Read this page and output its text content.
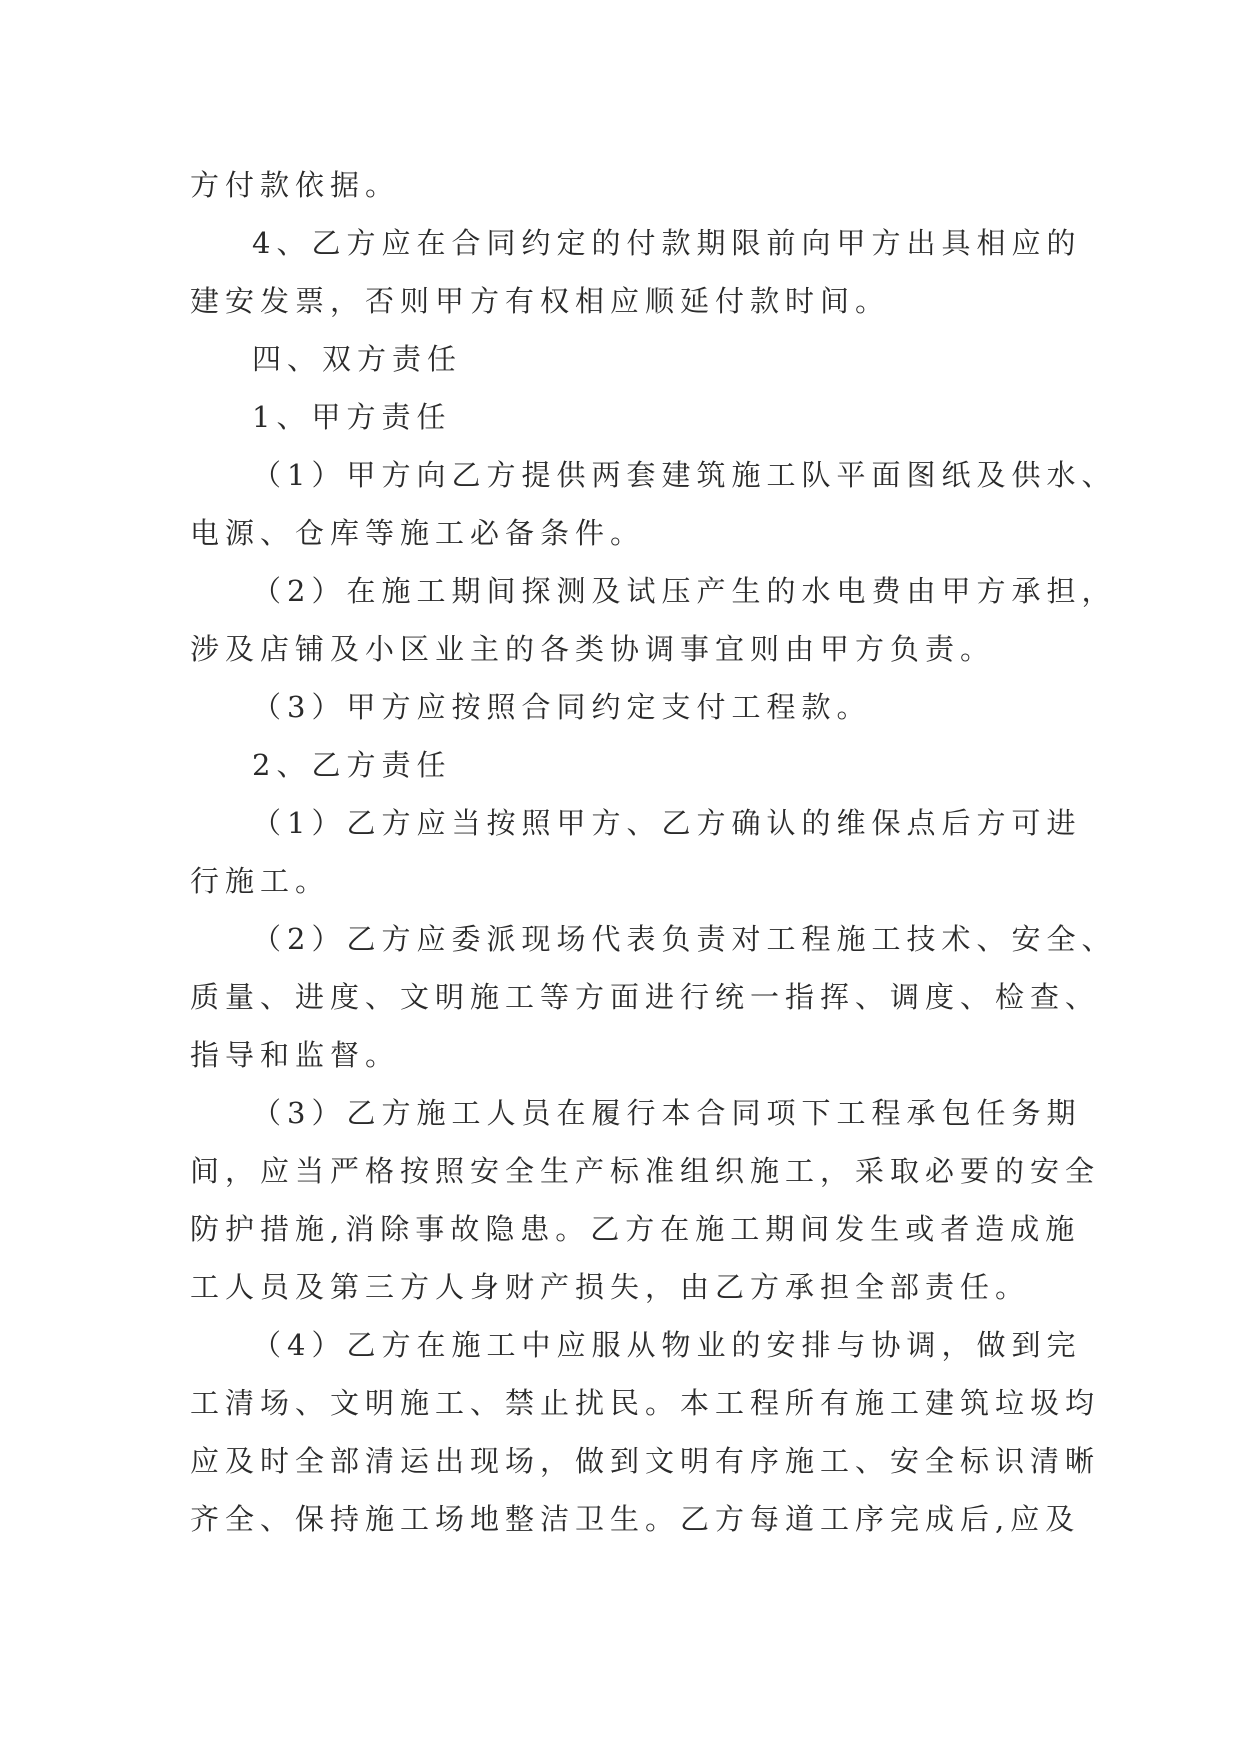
方付款依据。
4、乙方应在合同约定的付款期限前向甲方出具相应的
建安发票，否则甲方有权相应顺延付款时间。
四、双方责任
1、甲方责任
（1）甲方向乙方提供两套建筑施工队平面图纸及供水、
电源、仓库等施工必备条件。
（2）在施工期间探测及试压产生的水电费由甲方承担，
涉及店铺及小区业主的各类协调事宜则由甲方负责。
（3）甲方应按照合同约定支付工程款。
2、乙方责任
（1）乙方应当按照甲方、乙方确认的维保点后方可进
行施工。
（2）乙方应委派现场代表负责对工程施工技术、安全、
质量、进度、文明施工等方面进行统一指挥、调度、检查、
指导和监督。
（3）乙方施工人员在履行本合同项下工程承包任务期
间，应当严格按照安全生产标准组织施工，采取必要的安全
防护措施,消除事故隐患。乙方在施工期间发生或者造成施
工人员及第三方人身财产损失，由乙方承担全部责任。
（4）乙方在施工中应服从物业的安排与协调，做到完
工清场、文明施工、禁止扰民。本工程所有施工建筑垃圾均
应及时全部清运出现场，做到文明有序施工、安全标识清晰
齐全、保持施工场地整洁卫生。乙方每道工序完成后,应及
